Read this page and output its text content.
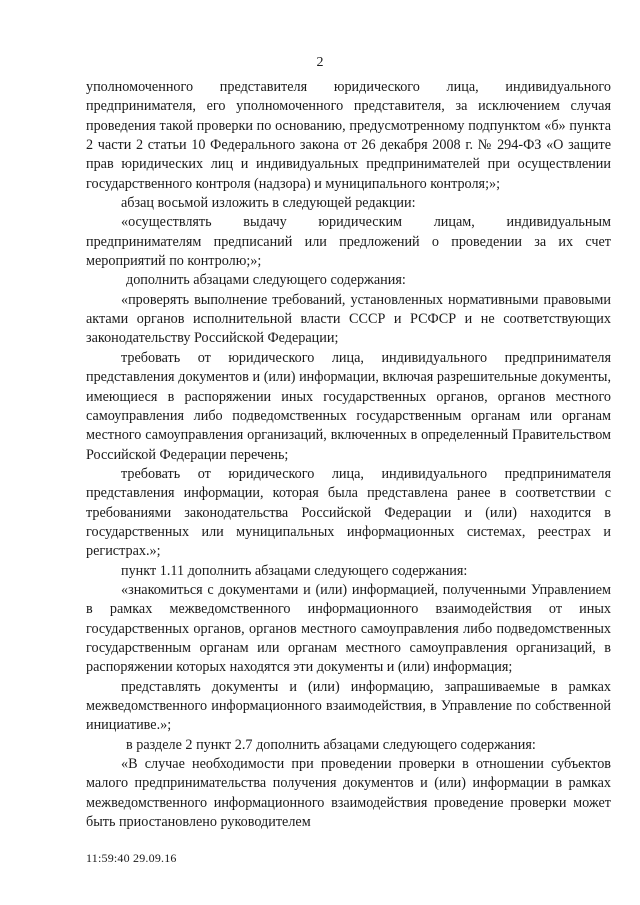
2

уполномоченного представителя юридического лица, индивидуального предпринимателя, его уполномоченного представителя, за исключением случая проведения такой проверки по основанию, предусмотренному подпунктом «б» пункта 2 части 2 статьи 10 Федерального закона от 26 декабря 2008 г. № 294-ФЗ «О защите прав юридических лиц и индивидуальных предпринимателей при осуществлении государственного контроля (надзора) и муниципального контроля;»;

абзац восьмой изложить в следующей редакции:

«осуществлять выдачу юридическим лицам, индивидуальным предпринимателям предписаний или предложений о проведении за их счет мероприятий по контролю;»;

дополнить абзацами следующего содержания:

«проверять выполнение требований, установленных нормативными правовыми актами органов исполнительной власти СССР и РСФСР и не соответствующих законодательству Российской Федерации;

требовать от юридического лица, индивидуального предпринимателя представления документов и (или) информации, включая разрешительные документы, имеющиеся в распоряжении иных государственных органов, органов местного самоуправления либо подведомственных государственным органам или органам местного самоуправления организаций, включенных в определенный Правительством Российской Федерации перечень;

требовать от юридического лица, индивидуального предпринимателя представления информации, которая была представлена ранее в соответствии с требованиями законодательства Российской Федерации и (или) находится в государственных или муниципальных информационных системах, реестрах и регистрах.»;

пункт 1.11 дополнить абзацами следующего содержания:

«знакомиться с документами и (или) информацией, полученными Управлением в рамках межведомственного информационного взаимодействия от иных государственных органов, органов местного самоуправления либо подведомственных государственным органам или органам местного самоуправления организаций, в распоряжении которых находятся эти документы и (или) информация;

представлять документы и (или) информацию, запрашиваемые в рамках межведомственного информационного взаимодействия, в Управление по собственной инициативе.»;

в разделе 2 пункт 2.7 дополнить абзацами следующего содержания:

«В случае необходимости при проведении проверки в отношении субъектов малого предпринимательства получения документов и (или) информации в рамках межведомственного информационного взаимодействия проведение проверки может быть приостановлено руководителем

11:59:40 29.09.16
